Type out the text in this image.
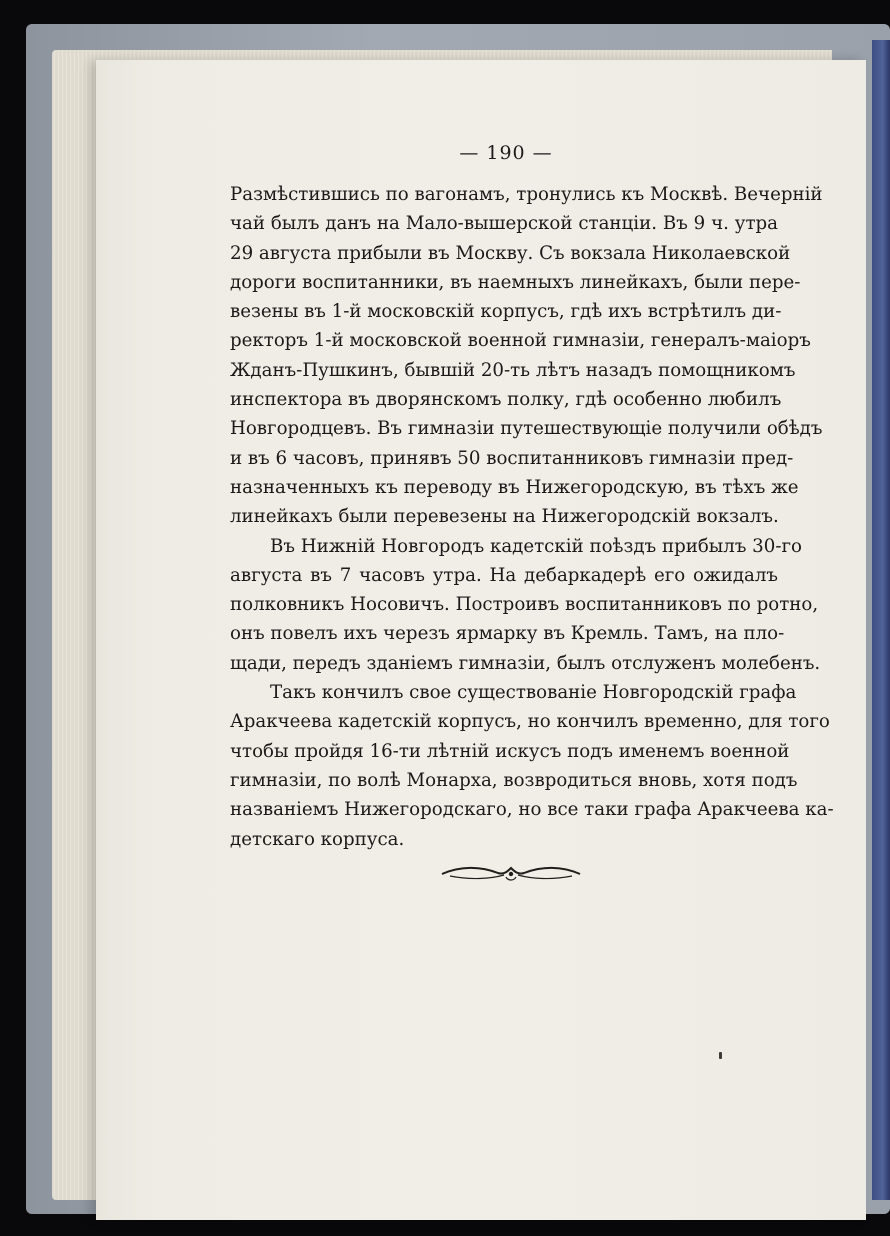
— 190 —
Размѣстившись по вагонамъ, тронулись къ Москвѣ. Вечерній
чай былъ данъ на Мало-вышерской станціи. Въ 9 ч. утра
29 августа прибыли въ Москву. Съ вокзала Николаевской
дороги воспитанники, въ наемныхъ линейкахъ, были пере-
везены въ 1-й московскій корпусъ, гдѣ ихъ встрѣтилъ ди-
ректоръ 1-й московской военной гимназіи, генералъ-маіоръ
Жданъ-Пушкинъ, бывшій 20-ть лѣтъ назадъ помощникомъ
инспектора въ дворянскомъ полку, гдѣ особенно любилъ
Новгородцевъ. Въ гимназіи путешествующіе получили обѣдъ
и въ 6 часовъ, принявъ 50 воспитанниковъ гимназіи пред-
назначенныхъ къ переводу въ Нижегородскую, въ тѣхъ же
линейкахъ были перевезены на Нижегородскій вокзалъ.
Въ Нижній Новгородъ кадетскій поѣздъ прибылъ 30-го
августа въ 7 часовъ утра. На дебаркадерѣ его ожидалъ
полковникъ Носовичъ. Построивъ воспитанниковъ по ротно,
онъ повелъ ихъ черезъ ярмарку въ Кремль. Тамъ, на пло-
щади, передъ зданіемъ гимназіи, былъ отслуженъ молебенъ.
Такъ кончилъ свое существованіе Новгородскій графа
Аракчеева кадетскій корпусъ, но кончилъ временно, для того
чтобы пройдя 16-ти лѣтній искусъ подъ именемъ военной
гимназіи, по волѣ Монарха, возвродиться вновь, хотя подъ
названіемъ Нижегородскаго, но все таки графа Аракчеева ка-
детскаго корпуса.
